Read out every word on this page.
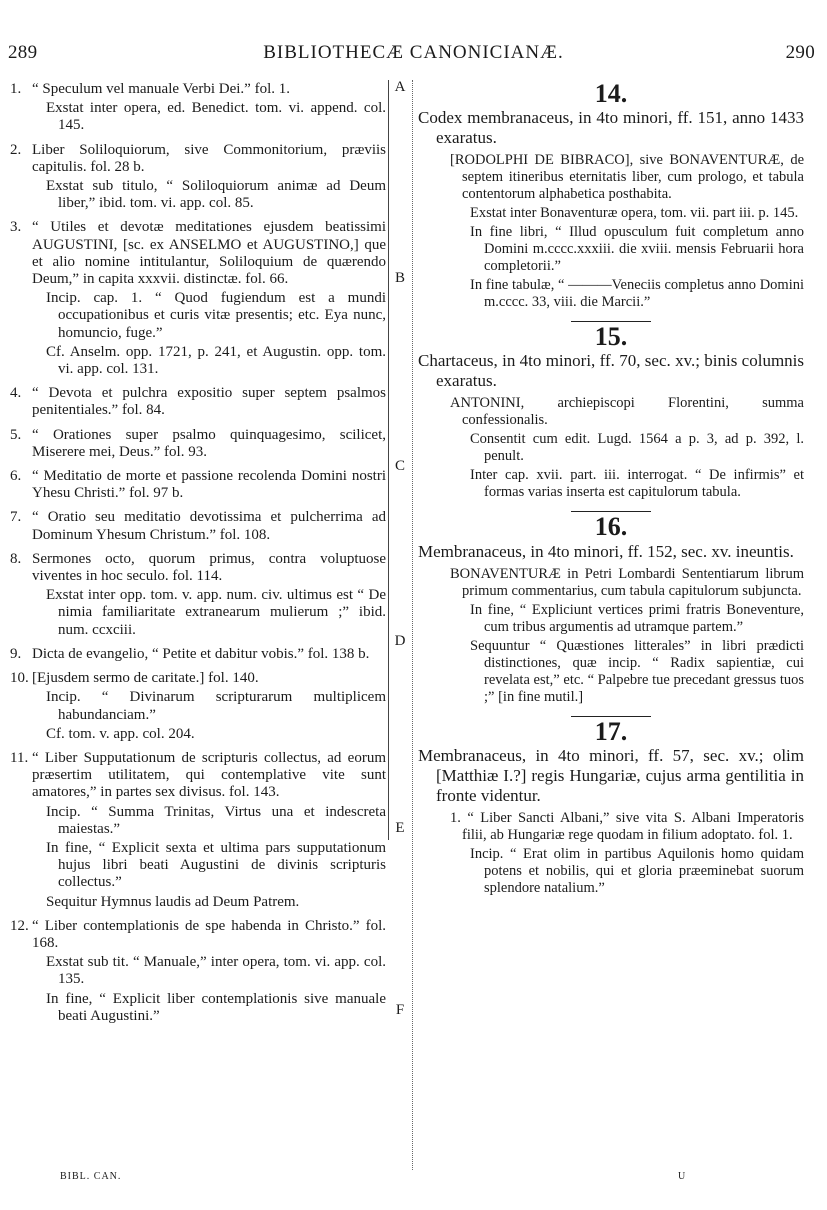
289	BIBLIOTHECÆ CANONICIANÆ.	290
A
B
C
D
E
F

1. “ Speculum vel manuale Verbi Dei.” fol. 1.

Exstat inter opera, ed. Benedict. tom. vi. append. col. 145.

2. Liber Soliloquiorum, sive Commonitorium, præviis capitulis. fol. 28 b.

Exstat sub titulo, “ Soliloquiorum animæ ad Deum liber,” ibid. tom. vi. app. col. 85.

3. “ Utiles et devotæ meditationes ejusdem beatissimi AUGUSTINI, [sc. ex ANSELMO et AUGUSTINO,] que et alio nomine intitulantur, Soliloquium de quærendo Deum,” in capita xxxvii. distinctæ. fol. 66.

Incip. cap. 1. “ Quod fugiendum est a mundi occupationibus et curis vitæ presentis; etc. Eya nunc, homuncio, fuge.”

Cf. Anselm. opp. 1721, p. 241, et Augustin. opp. tom. vi. app. col. 131.

4. “ Devota et pulchra expositio super septem psalmos penitentiales.” fol. 84.

5. “ Orationes super psalmo quinquagesimo, scilicet, Miserere mei, Deus.” fol. 93.

6. “ Meditatio de morte et passione recolenda Domini nostri Yhesu Christi.” fol. 97 b.

7. “ Oratio seu meditatio devotissima et pulcherrima ad Dominum Yhesum Christum.” fol. 108.

8. Sermones octo, quorum primus, contra voluptuose viventes in hoc seculo. fol. 114.

Exstat inter opp. tom. v. app. num. civ. ultimus est “ De nimia familiaritate extranearum mulierum ;” ibid. num. ccxciii.

9. Dicta de evangelio, “ Petite et dabitur vobis.” fol. 138 b.

10. [Ejusdem sermo de caritate.] fol. 140.

Incip. “ Divinarum scripturarum multiplicem habundanciam.”

Cf. tom. v. app. col. 204.

11. “ Liber Supputationum de scripturis collectus, ad eorum præsertim utilitatem, qui contemplative vite sunt amatores,” in partes sex divisus. fol. 143.

Incip. “ Summa Trinitas, Virtus una et indescreta maiestas.”

In fine, “ Explicit sexta et ultima pars supputationum hujus libri beati Augustini de divinis scripturis collectus.”

Sequitur Hymnus laudis ad Deum Patrem.

12. “ Liber contemplationis de spe habenda in Christo.” fol. 168.

Exstat sub tit. “ Manuale,” inter opera, tom. vi. app. col. 135.

In fine, “ Explicit liber contemplationis sive manuale beati Augustini.”

14.

Codex membranaceus, in 4to minori, ff. 151, anno 1433 exaratus.

[RODOLPHI DE BIBRACO], sive BONAVENTURÆ, de septem itineribus eternitatis liber, cum prologo, et tabula contentorum alphabetica posthabita.

Exstat inter Bonaventuræ opera, tom. vii. part iii. p. 145.

In fine libri, “ Illud opusculum fuit completum anno Domini m.cccc.xxxiii. die xviii. mensis Februarii hora completorii.”

In fine tabulæ, “ ———Veneciis completus anno Domini m.cccc. 33, viii. die Marcii.”

15.

Chartaceus, in 4to minori, ff. 70, sec. xv.; binis columnis exaratus.

ANTONINI, archiepiscopi Florentini, summa confessionalis.

Consentit cum edit. Lugd. 1564 a p. 3, ad p. 392, l. penult.

Inter cap. xvii. part. iii. interrogat. “ De infirmis” et formas varias inserta est capitulorum tabula.

16.

Membranaceus, in 4to minori, ff. 152, sec. xv. ineuntis.

BONAVENTURÆ in Petri Lombardi Sententiarum librum primum commentarius, cum tabula capitulorum subjuncta.

In fine, “ Expliciunt vertices primi fratris Boneventure, cum tribus argumentis ad utramque partem.”

Sequuntur “ Quæstiones litterales” in libri prædicti distinctiones, quæ incip. “ Radix sapientiæ, cui revelata est,” etc. “ Palpebre tue precedant gressus tuos ;” [in fine mutil.]

17.

Membranaceus, in 4to minori, ff. 57, sec. xv.; olim [Matthiæ I.?] regis Hungariæ, cujus arma gentilitia in fronte videntur.

1. “ Liber Sancti Albani,” sive vita S. Albani Imperatoris filii, ab Hungariæ rege quodam in filium adoptato. fol. 1.

Incip. “ Erat olim in partibus Aquilonis homo quidam potens et nobilis, qui et gloria præeminebat suorum splendore natalium.”

BIBL. CAN.	U
